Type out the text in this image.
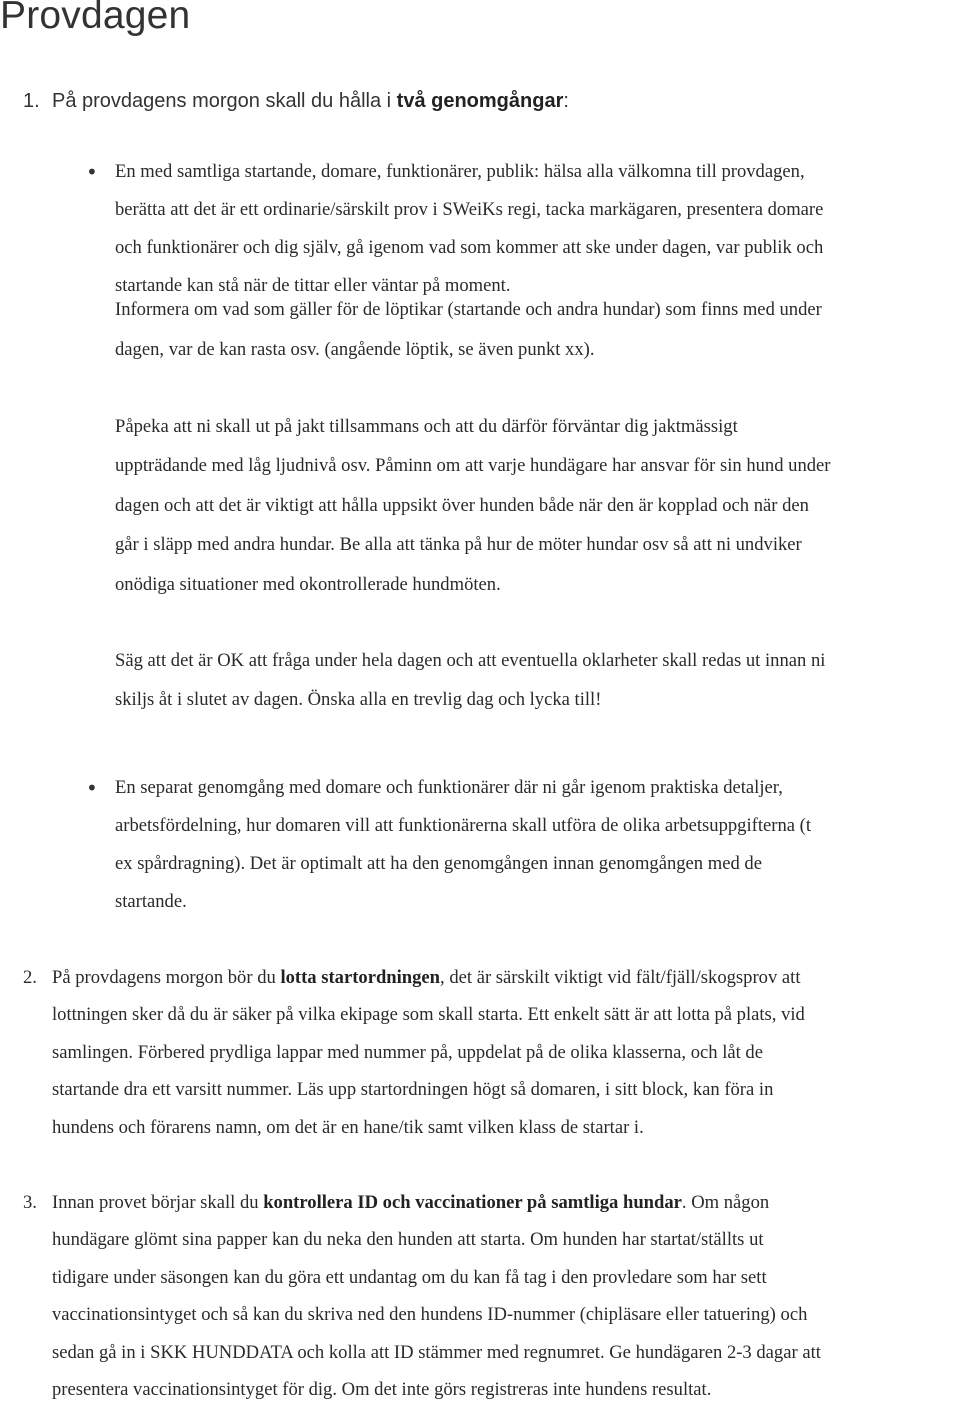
Provdagen
1. På provdagens morgon skall du hålla i två genomgångar:
• En med samtliga startande, domare, funktionärer, publik: hälsa alla välkomna till provdagen,
berätta att det är ett ordinarie/särskilt prov i SWeiKs regi, tacka markägaren, presentera domare
och funktionärer och dig själv, gå igenom vad som kommer att ske under dagen, var publik och
startande kan stå när de tittar eller väntar på moment.
Informera om vad som gäller för de löptikar (startande och andra hundar) som finns med under
dagen, var de kan rasta osv. (angående löptik, se även punkt xx).
Påpeka att ni skall ut på jakt tillsammans och att du därför förväntar dig jaktmässigt
uppträdande med låg ljudnivå osv. Påminn om att varje hundägare har ansvar för sin hund under
dagen och att det är viktigt att hålla uppsikt över hunden både när den är kopplad och när den
går i släpp med andra hundar. Be alla att tänka på hur de möter hundar osv så att ni undviker
onödiga situationer med okontrollerade hundmöten.
Säg att det är OK att fråga under hela dagen och att eventuella oklarheter skall redas ut innan ni
skiljs åt i slutet av dagen. Önska alla en trevlig dag och lycka till!
• En separat genomgång med domare och funktionärer där ni går igenom praktiska detaljer,
arbetsfördelning, hur domaren vill att funktionärerna skall utföra de olika arbetsuppgifterna (t
ex spårdragning). Det är optimalt att ha den genomgången innan genomgången med de
startande.
2. På provdagens morgon bör du lotta startordningen, det är särskilt viktigt vid fält/fjäll/skogsprov att
lottningen sker då du är säker på vilka ekipage som skall starta. Ett enkelt sätt är att lotta på plats, vid
samlingen. Förbered prydliga lappar med nummer på, uppdelat på de olika klasserna, och låt de
startande dra ett varsitt nummer. Läs upp startordningen högt så domaren, i sitt block, kan föra in
hundens och förarens namn, om det är en hane/tik samt vilken klass de startar i.
3. Innan provet börjar skall du kontrollera ID och vaccinationer på samtliga hundar. Om någon
hundägare glömt sina papper kan du neka den hunden att starta. Om hunden har startat/ställts ut
tidigare under säsongen kan du göra ett undantag om du kan få tag i den provledare som har sett
vaccinationsintyget och så kan du skriva ned den hundens ID-nummer (chipläsare eller tatuering) och
sedan gå in i SKK HUNDDATA och kolla att ID stämmer med regnumret. Ge hundägaren 2-3 dagar att
presentera vaccinationsintyget för dig. Om det inte görs registreras inte hundens resultat.
